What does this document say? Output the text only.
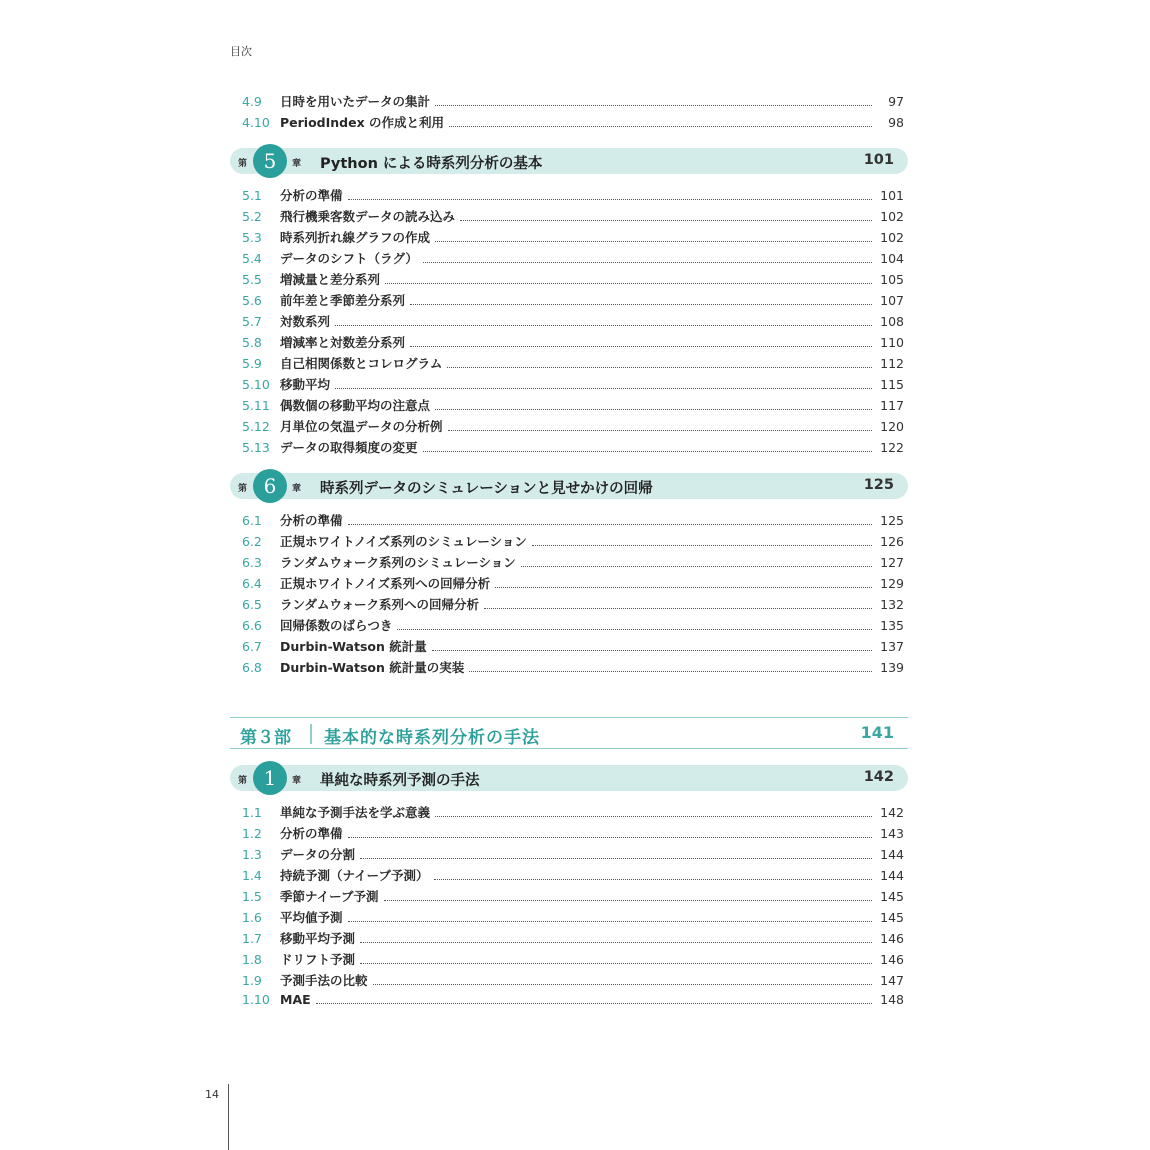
目次
4.9	日時を用いたデータの集計	97
4.10 PeriodIndex の作成と利用	98
第 5	章 Python による時系列分析の基本	101
5.1	分析の準備	101
5.2	飛行機乗客数データの読み込み	102
5.3	時系列折れ線グラフの作成	102
5.4	データのシフト（ラグ）	104
5.5	増減量と差分系列	105
5.6	前年差と季節差分系列	107
5.7	対数系列	108
5.8	増減率と対数差分系列	110
5.9	自己相関係数とコレログラム	112
5.10 移動平均	115
5.11 偶数個の移動平均の注意点	117
5.12 月単位の気温データの分析例	120
5.13 データの取得頻度の変更	122
第 6	章 時系列データのシミュレーションと見せかけの回帰	125
6.1	分析の準備	125
6.2	正規ホワイトノイズ系列のシミュレーション	126
6.3	ランダムウォーク系列のシミュレーション	127
6.4	正規ホワイトノイズ系列への回帰分析	129
6.5	ランダムウォーク系列への回帰分析	132
6.6	回帰係数のばらつき	135
6.7	Durbin-Watson 統計量	137
6.8	Durbin-Watson 統計量の実装	139
第３部 基本的な時系列分析の手法	141
第 1	章 単純な時系列予測の手法	142
1.1	単純な予測手法を学ぶ意義	142
1.2	分析の準備	143
1.3	データの分割	144
1.4	持続予測（ナイーブ予測）	144
1.5	季節ナイーブ予測	145
1.6	平均値予測	145
1.7	移動平均予測	146
1.8	ドリフト予測	146
1.9	予測手法の比較	147
1.10 MAE	148
14
